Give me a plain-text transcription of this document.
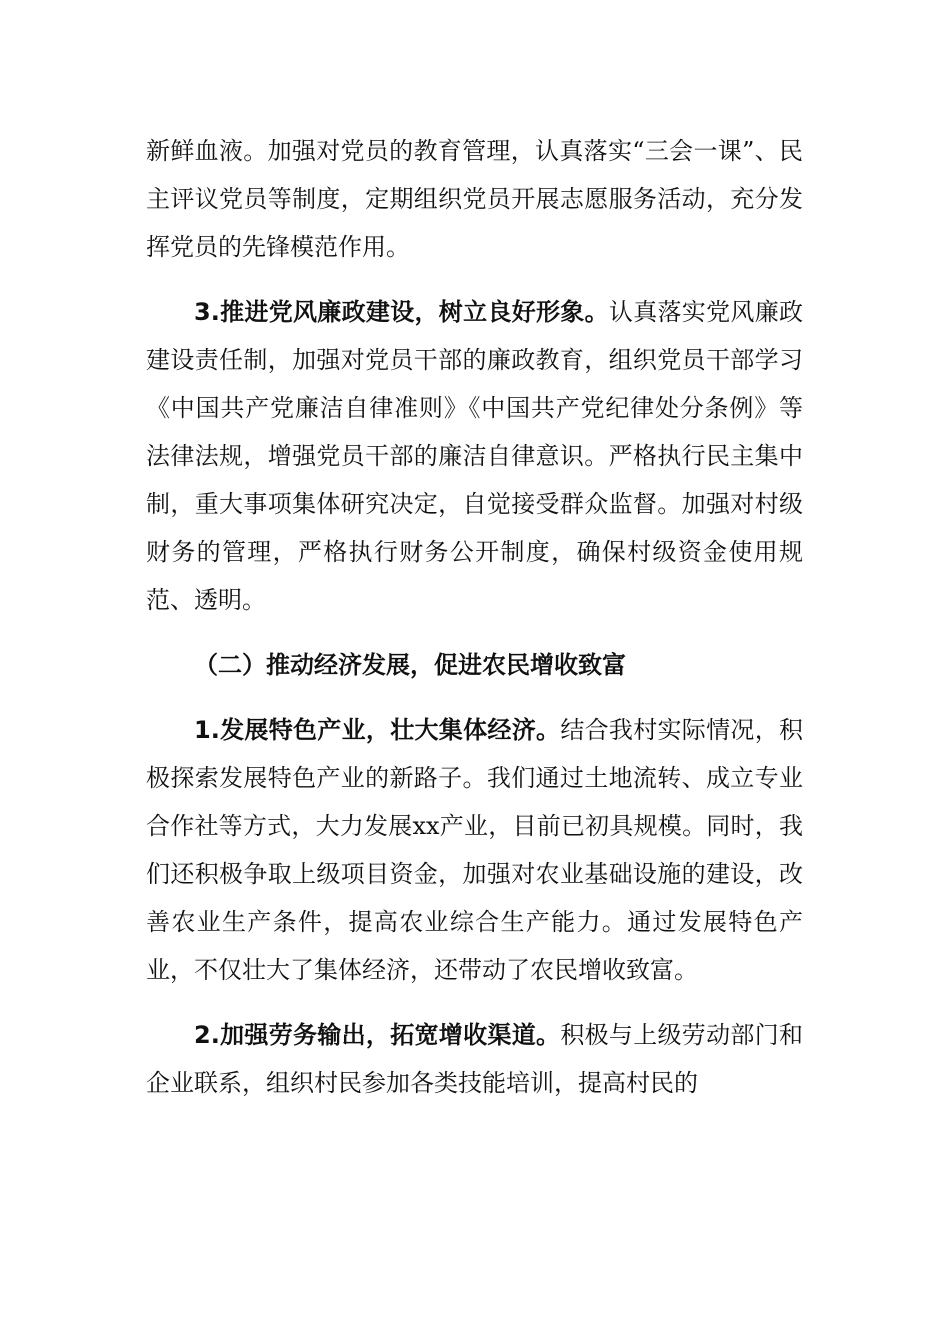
新鲜血液。加强对党员的教育管理，认真落实“三会一课”、民主评议党员等制度，定期组织党员开展志愿服务活动，充分发挥党员的先锋模范作用。

3.推进党风廉政建设，树立良好形象。认真落实党风廉政建设责任制，加强对党员干部的廉政教育，组织党员干部学习《中国共产党廉洁自律准则》《中国共产党纪律处分条例》等法律法规，增强党员干部的廉洁自律意识。严格执行民主集中制，重大事项集体研究决定，自觉接受群众监督。加强对村级财务的管理，严格执行财务公开制度，确保村级资金使用规范、透明。

（二）推动经济发展，促进农民增收致富

1.发展特色产业，壮大集体经济。结合我村实际情况，积极探索发展特色产业的新路子。我们通过土地流转、成立专业合作社等方式，大力发展xx产业，目前已初具规模。同时，我们还积极争取上级项目资金，加强对农业基础设施的建设，改善农业生产条件，提高农业综合生产能力。通过发展特色产业，不仅壮大了集体经济，还带动了农民增收致富。

2.加强劳务输出，拓宽增收渠道。积极与上级劳动部门和企业联系，组织村民参加各类技能培训，提高村民的
